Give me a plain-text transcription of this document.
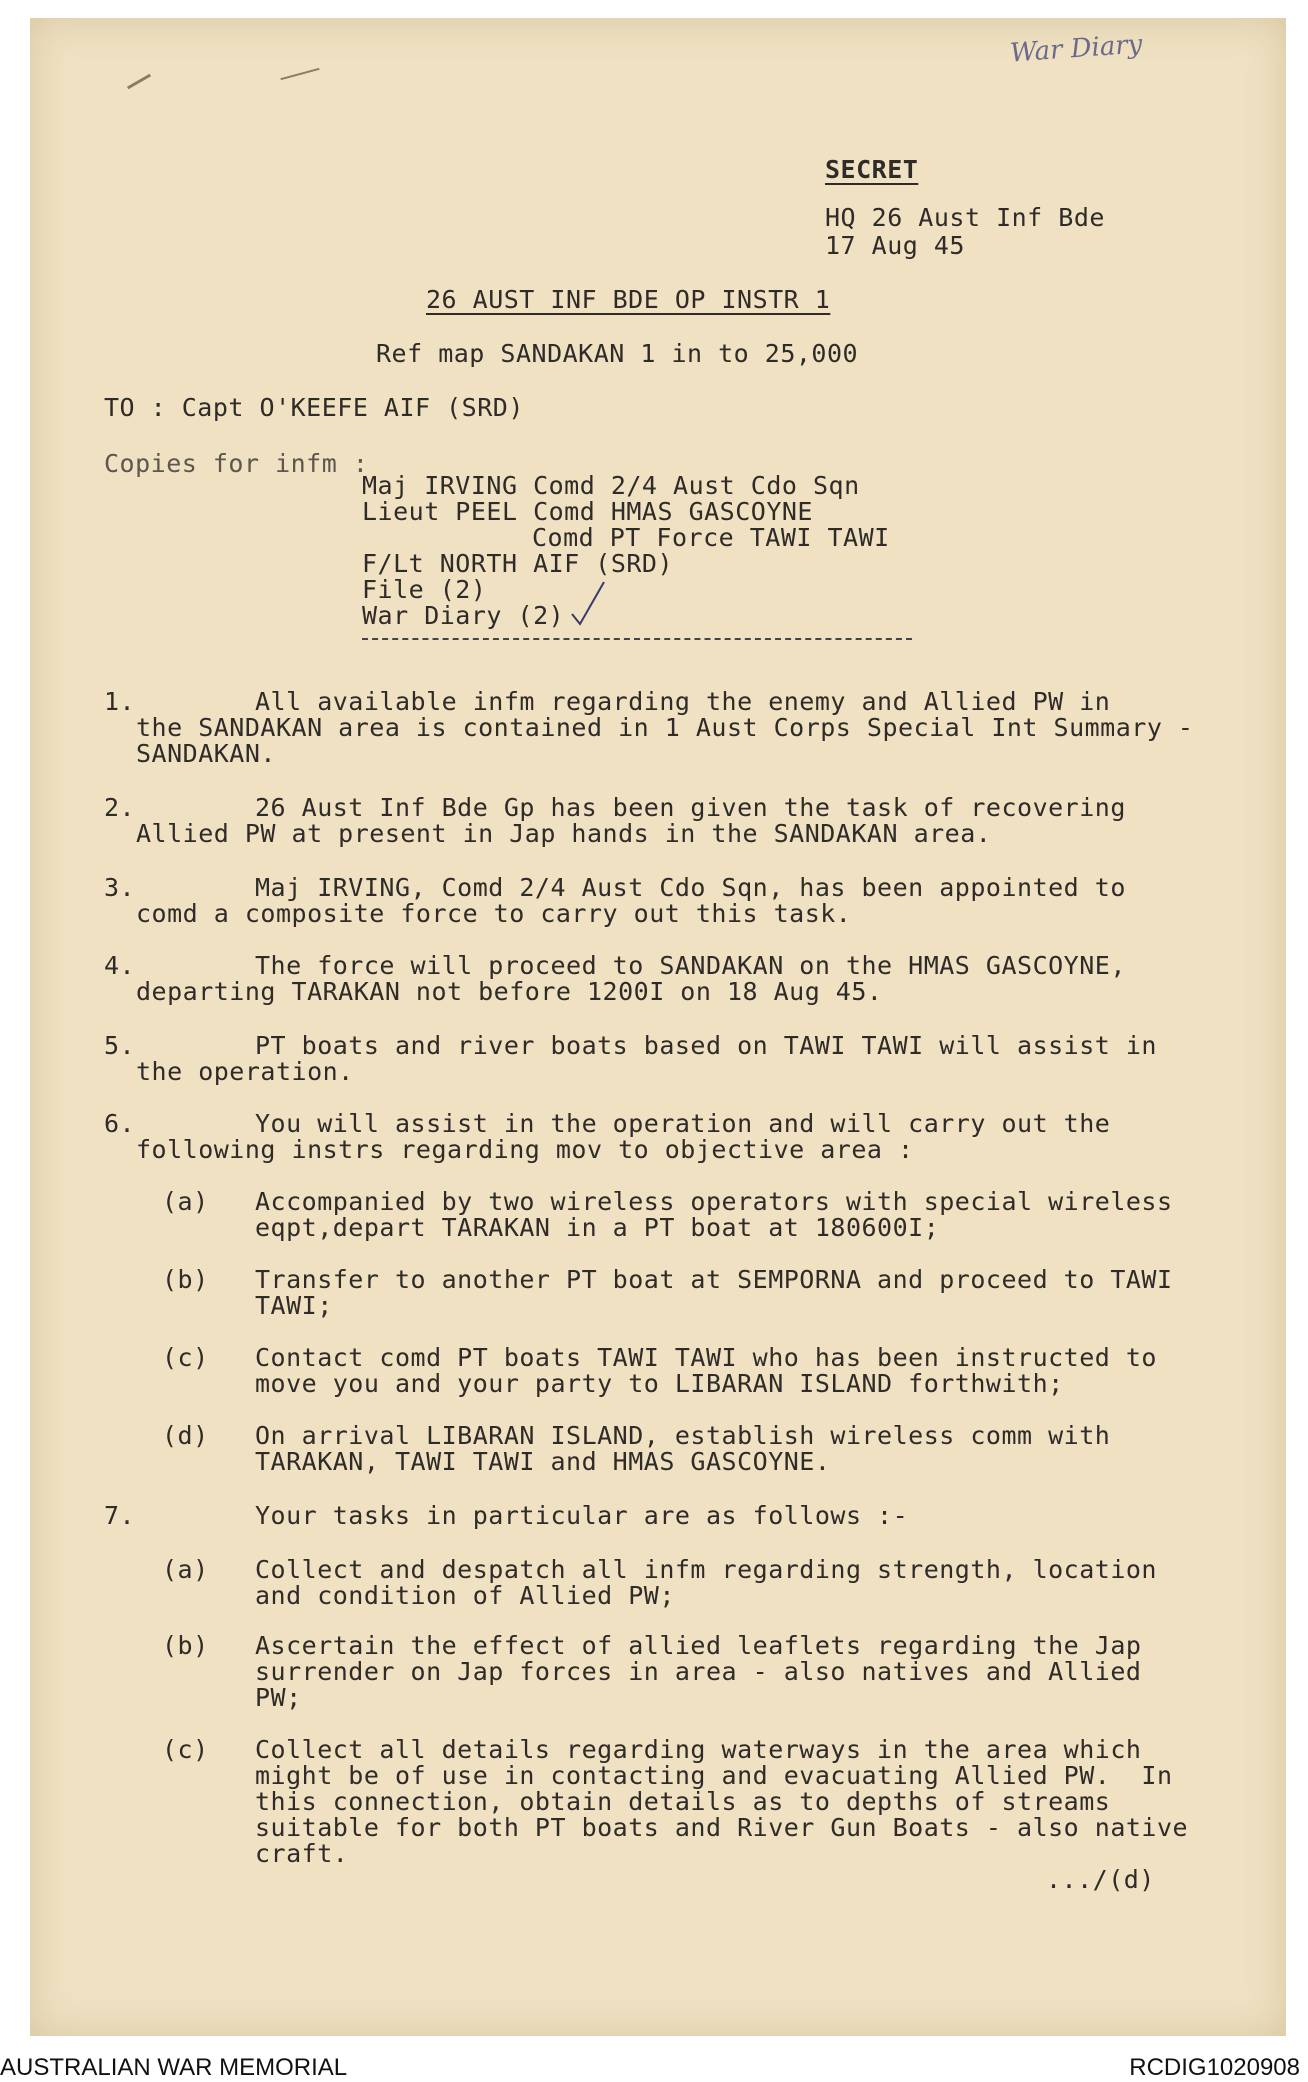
War Diary
SECRET
HQ 26 Aust Inf Bde
17 Aug 45
26 AUST INF BDE OP INSTR 1
Ref map SANDAKAN 1 in to 25,000
TO : Capt O'KEEFE AIF (SRD)
Copies for infm :
Maj IRVING Comd 2/4 Aust Cdo Sqn
Lieut PEEL Comd HMAS GASCOYNE
Comd PT Force TAWI TAWI
F/Lt NORTH AIF (SRD)
File (2)
War Diary (2)
1.	All available infm regarding the enemy and Allied PW in
the SANDAKAN area is contained in 1 Aust Corps Special Int Summary -
SANDAKAN.
2.	26 Aust Inf Bde Gp has been given the task of recovering
Allied PW at present in Jap hands in the SANDAKAN area.
3.	Maj IRVING, Comd 2/4 Aust Cdo Sqn, has been appointed to
comd a composite force to carry out this task.
4.	The force will proceed to SANDAKAN on the HMAS GASCOYNE,
departing TARAKAN not before 1200I on 18 Aug 45.
5.	PT boats and river boats based on TAWI TAWI will assist in
the operation.
6.	You will assist in the operation and will carry out the
following instrs regarding mov to objective area :
(a) Accompanied by two wireless operators with special wireless
eqpt,depart TARAKAN in a PT boat at 180600I;
(b) Transfer to another PT boat at SEMPORNA and proceed to TAWI
TAWI;
(c) Contact comd PT boats TAWI TAWI who has been instructed to
move you and your party to LIBARAN ISLAND forthwith;
(d) On arrival LIBARAN ISLAND, establish wireless comm with
TARAKAN, TAWI TAWI and HMAS GASCOYNE.
7.	Your tasks in particular are as follows :-
(a) Collect and despatch all infm regarding strength, location
and condition of Allied PW;
(b) Ascertain the effect of allied leaflets regarding the Jap
surrender on Jap forces in area - also natives and Allied
PW;
(c) Collect all details regarding waterways in the area which
might be of use in contacting and evacuating Allied PW.  In
this connection, obtain details as to depths of streams
suitable for both PT boats and River Gun Boats - also native
craft.
.../(d)
AUSTRALIAN WAR MEMORIAL	RCDIG1020908
